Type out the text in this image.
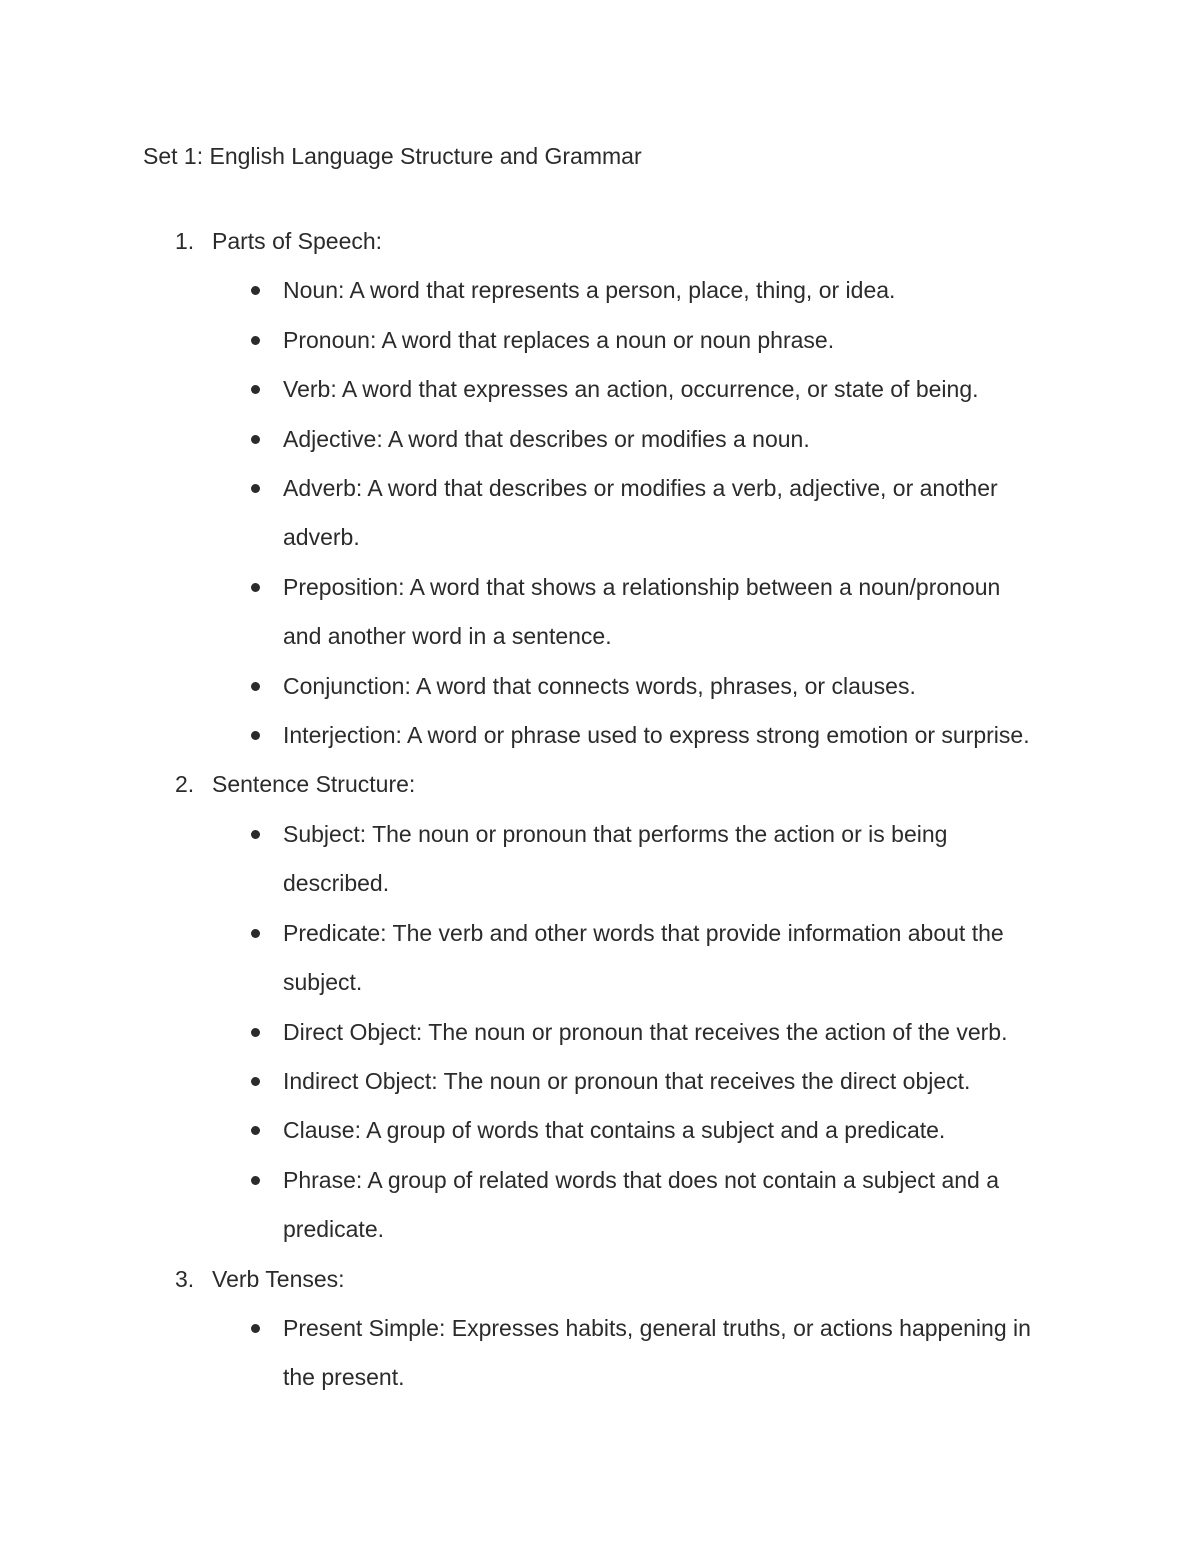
Set 1: English Language Structure and Grammar
1. Parts of Speech:
Noun: A word that represents a person, place, thing, or idea.
Pronoun: A word that replaces a noun or noun phrase.
Verb: A word that expresses an action, occurrence, or state of being.
Adjective: A word that describes or modifies a noun.
Adverb: A word that describes or modifies a verb, adjective, or another adverb.
Preposition: A word that shows a relationship between a noun/pronoun and another word in a sentence.
Conjunction: A word that connects words, phrases, or clauses.
Interjection: A word or phrase used to express strong emotion or surprise.
2. Sentence Structure:
Subject: The noun or pronoun that performs the action or is being described.
Predicate: The verb and other words that provide information about the subject.
Direct Object: The noun or pronoun that receives the action of the verb.
Indirect Object: The noun or pronoun that receives the direct object.
Clause: A group of words that contains a subject and a predicate.
Phrase: A group of related words that does not contain a subject and a predicate.
3. Verb Tenses:
Present Simple: Expresses habits, general truths, or actions happening in the present.
